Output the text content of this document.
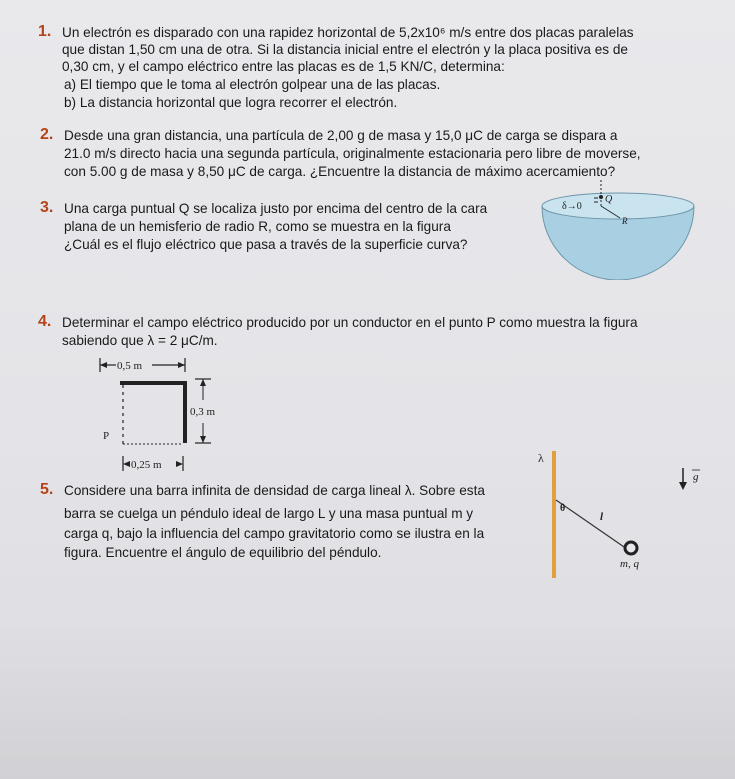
1. Un electrón es disparado con una rapidez horizontal de 5,2x10⁶ m/s entre dos placas paralelas
que distan 1,50 cm una de otra. Si la distancia inicial entre el electrón y la placa positiva es de
0,30 cm, y el campo eléctrico entre las placas es de 1,5 KN/C, determina:
a) El tiempo que le toma al electrón golpear una de las placas.
b) La distancia horizontal que logra recorrer el electrón.
2. Desde una gran distancia, una partícula de 2,00 g de masa y 15,0 μC de carga se dispara a
21.0 m/s directo hacia una segunda partícula, originalmente estacionaria pero libre de moverse,
con 5.00 g de masa y 8,50 μC de carga. ¿Encuentre la distancia de máximo acercamiento?
3. Una carga puntual Q se localiza justo por encima del centro de la cara
plana de un hemisferio de radio R, como se muestra en la figura
¿Cuál es el flujo eléctrico que pasa a través de la superficie curva?
δ→0
Q
R
4. Determinar el campo eléctrico producido por un conductor en el punto P como muestra la figura
sabiendo que λ = 2 μC/m.
0,5 m
P
0,3 m
0,25 m
5. Considere una barra infinita de densidad de carga lineal λ. Sobre esta
barra se cuelga un péndulo ideal de largo L y una masa puntual m y
carga q, bajo la influencia del campo gravitatorio como se ilustra en la
figura. Encuentre el ángulo de equilibrio del péndulo.
λ
θ
l
m, q
g
